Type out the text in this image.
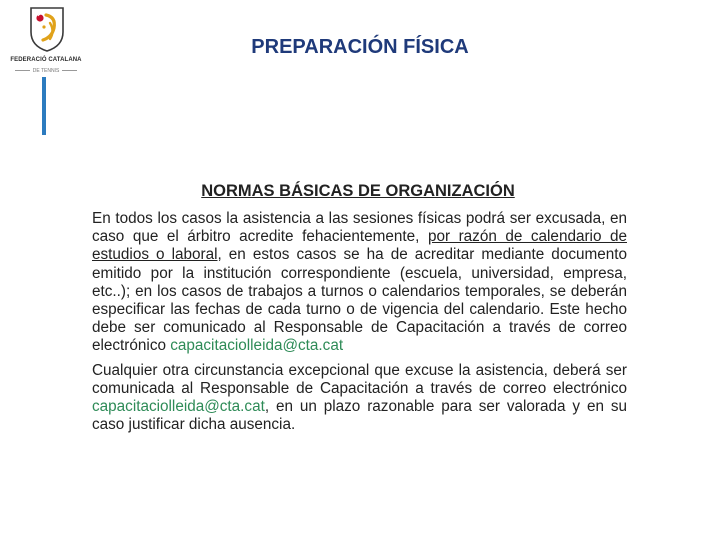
FEDERACIÓ CATALANA
DE TENNIS
PREPARACIÓN FÍSICA
NORMAS BÁSICAS DE ORGANIZACIÓN

En todos los casos la asistencia a las sesiones físicas podrá ser excusada, en caso que el árbitro acredite fehacientemente, por razón de calendario de estudios o laboral, en estos casos se ha de acreditar mediante documento emitido por la institución correspondiente (escuela, universidad, empresa, etc..); en los casos de trabajos a turnos o calendarios temporales, se deberán especificar las fechas de cada turno o de vigencia del calendario. Este hecho debe ser comunicado al Responsable de Capacitación a través de correo electrónico capacitaciolleida@cta.cat

Cualquier otra circunstancia excepcional que excuse la asistencia, deberá ser comunicada al Responsable de Capacitación a través de correo electrónico capacitaciolleida@cta.cat, en un plazo razonable para ser valorada y en su caso justificar dicha ausencia.
